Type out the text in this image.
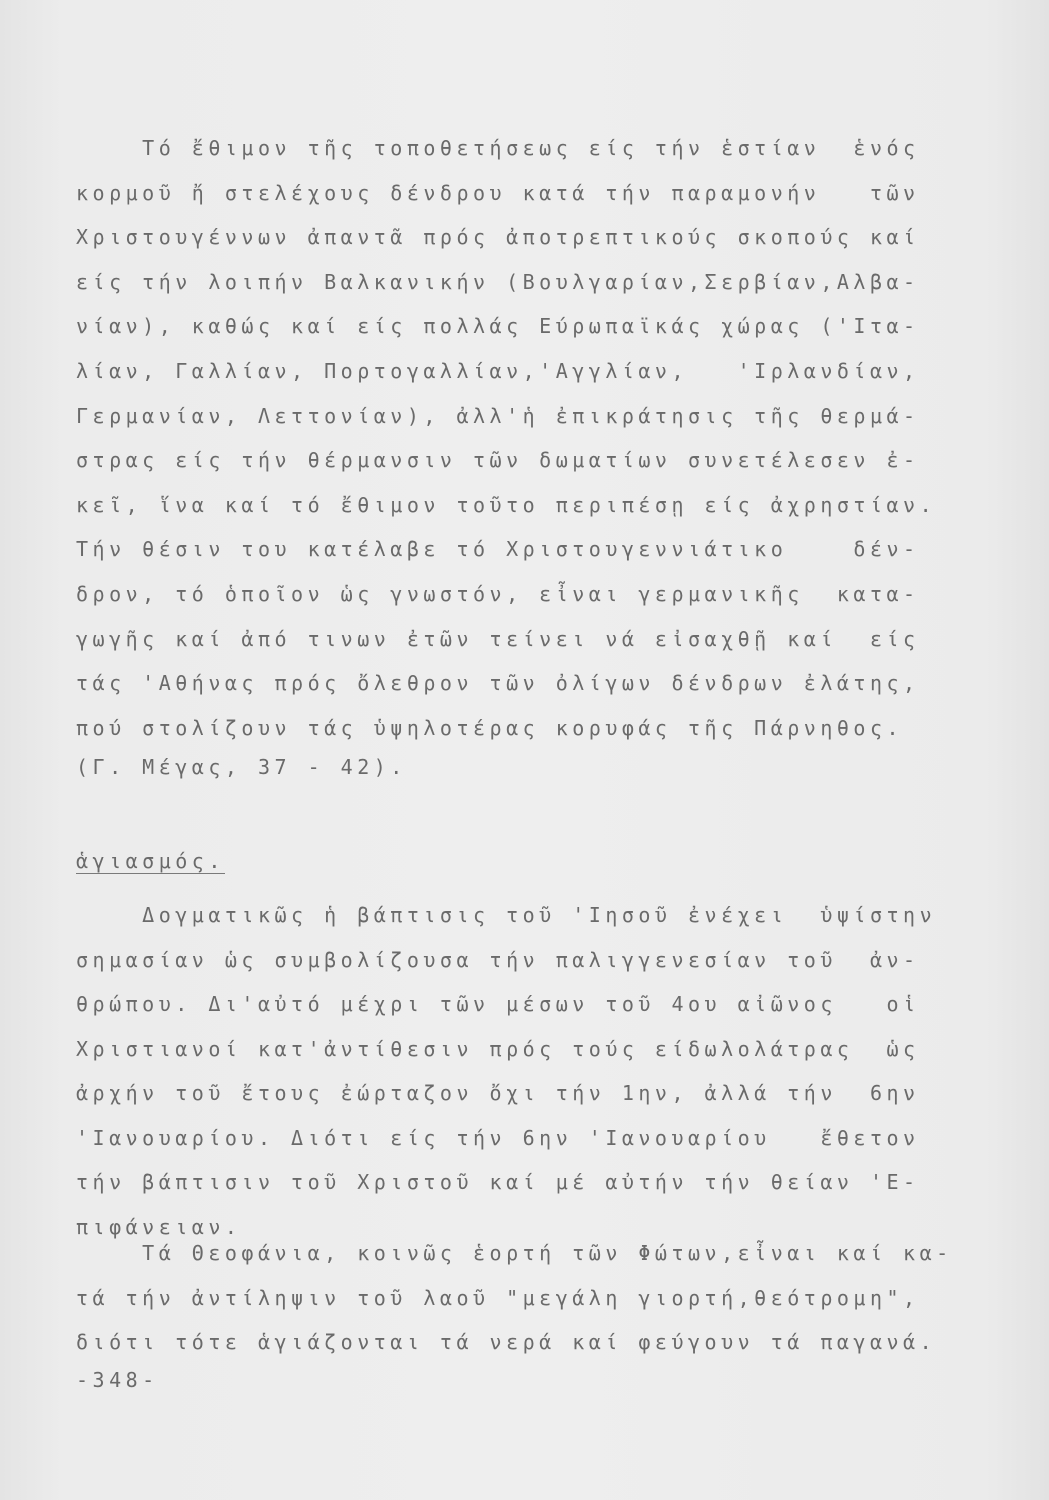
Τό ἔθιμον τῆς τοποθετήσεως είς τήν ἑστίαν  ἑνός
κορμοῦ ἤ στελέχους δένδρου κατά τήν παραμονήν   τῶν
Χριστουγέννων ἀπαντᾶ πρός ἀποτρεπτικούς σκοπούς καί
είς τήν λοιπήν Βαλκανικήν (Βουλγαρίαν,Σερβίαν,Αλβα-
νίαν), καθώς καί είς πολλάς Εύρωπαϊκάς χώρας ('Ιτα-
λίαν, Γαλλίαν, Πορτογαλλίαν,'Αγγλίαν,   'Ιρλανδίαν,
Γερμανίαν, Λεττονίαν), ἀλλ'ἡ ἐπικράτησις τῆς θερμά-
στρας είς τήν θέρμανσιν τῶν δωματίων συνετέλεσεν ἐ-
κεῖ, ἵνα καί τό ἔθιμον τοῦτο περιπέσῃ είς ἀχρηστίαν.
Τήν θέσιν του κατέλαβε τό Χριστουγεννιάτικο    δέν-
δρον, τό ὁποῖον ὡς γνωστόν, εἶναι γερμανικῆς  κατα-
γωγῆς καί ἀπό τινων ἐτῶν τείνει νά εἰσαχθῇ καί  είς
τάς 'Αθήνας πρός ὄλεθρον τῶν ὀλίγων δένδρων ἐλάτης,
πού στολίζουν τάς ὑψηλοτέρας κορυφάς τῆς Πάρνηθος.
(Γ. Μέγας, 37 - 42).
ἁγιασμός.
Δογματικῶς ἡ βάπτισις τοῦ 'Ιησοῦ ἐνέχει  ὑψίστην
σημασίαν ὡς συμβολίζουσα τήν παλιγγενεσίαν τοῦ  ἀν-
θρώπου. Δι'αὐτό μέχρι τῶν μέσων τοῦ 4ου αἰῶνος   οἱ
Χριστιανοί κατ'ἀντίθεσιν πρός τούς είδωλολάτρας  ὡς
ἀρχήν τοῦ ἔτους ἐώρταζον ὄχι τήν 1ην, ἀλλά τήν  6ην
'Ιανουαρίου. Διότι είς τήν 6ην 'Ιανουαρίου   ἔθετον
τήν βάπτισιν τοῦ Χριστοῦ καί μέ αὐτήν τήν θείαν 'Ε-
πιφάνειαν.
Τά Θεοφάνια, κοινῶς ἑορτή τῶν Φώτων,εἶναι καί κα-
τά τήν ἀντίληψιν τοῦ λαοῦ "μεγάλη γιορτή,θεότρομη",
διότι τότε ἁγιάζονται τά νερά καί φεύγουν τά παγανά.
-348-
